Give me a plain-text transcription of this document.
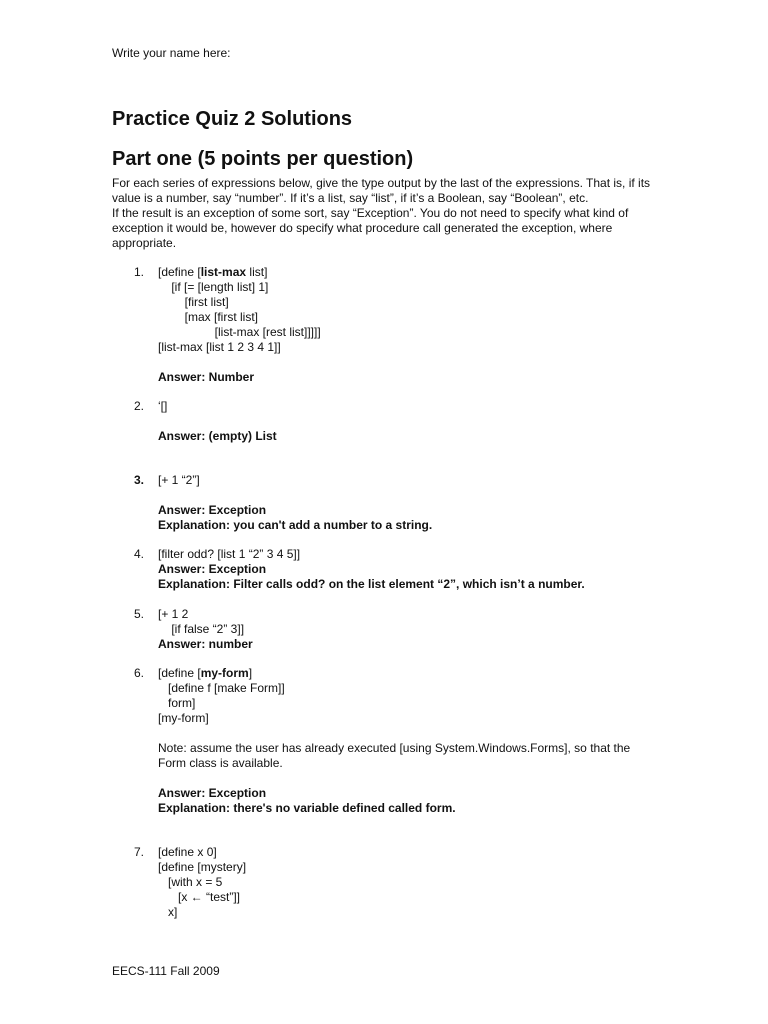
Write your name here:
Practice Quiz 2 Solutions
Part one (5 points per question)

For each series of expressions below, give the type output by the last of the expressions. That is, if its value is a number, say “number”. If it’s a list, say “list”, if it’s a Boolean, say “Boolean”, etc.

If the result is an exception of some sort, say “Exception”. You do not need to specify what kind of exception it would be, however do specify what procedure call generated the exception, where appropriate.

1.	[define [list-max list]
[if [= [length list] 1]
[first list]
[max [first list]
[list-max [rest list]]]]]
[list-max [list 1 2 3 4 1]]
Answer: Number
2.	‘[]
Answer: (empty) List
3.	[+ 1 “2”]
Answer: Exception
Explanation: you can't add a number to a string.
4.	[filter odd? [list 1 “2” 3 4 5]]
Answer: Exception
Explanation: Filter calls odd? on the list element “2”, which isn’t a number.
5.	[+ 1 2
[if false “2” 3]]
Answer: number
6.	[define [my-form]
[define f [make Form]]
form]
[my-form]
Note: assume the user has already executed [using System.Windows.Forms], so that the Form class is available.
Answer: Exception
Explanation: there's no variable defined called form.
7.	[define x 0]
[define [mystery]
[with x = 5
[x ← “test”]]
x]
EECS-111 Fall 2009
